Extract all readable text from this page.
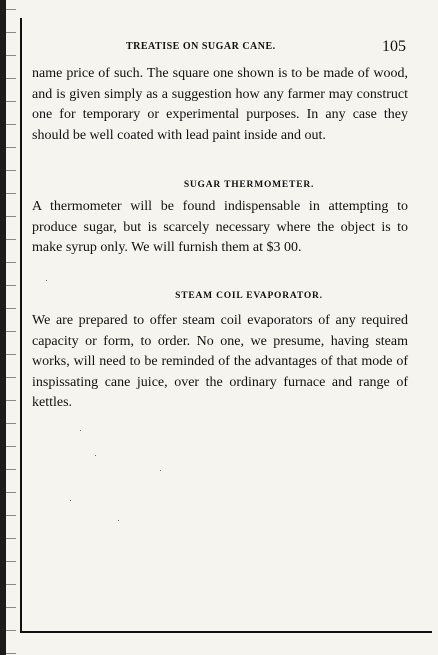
TREATISE ON SUGAR CANE.	105
name price of such. The square one shown is to be made of wood, and is given simply as a suggestion how any farmer may construct one for temporary or experimental purposes. In any case they should be well coated with lead paint inside and out.
SUGAR THERMOMETER.
A thermometer will be found indispensable in attempting to produce sugar, but is scarcely necessary where the object is to make syrup only. We will furnish them at $3 00.
STEAM COIL EVAPORATOR.
We are prepared to offer steam coil evaporators of any required capacity or form, to order. No one, we presume, having steam works, will need to be reminded of the advantages of that mode of inspissating cane juice, over the ordinary furnace and range of kettles.
